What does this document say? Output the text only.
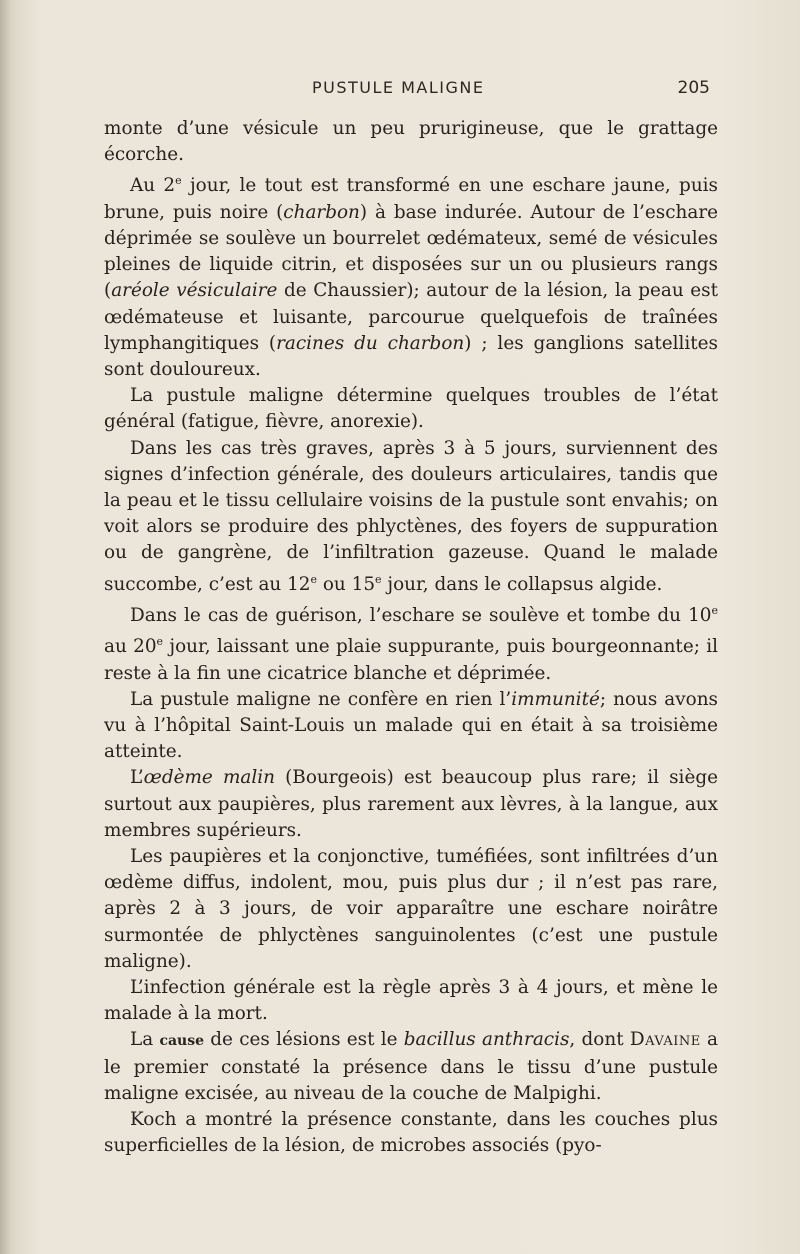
PUSTULE MALIGNE	205

monte d’une vésicule un peu prurigineuse, que le grattage écorche.

Au 2e jour, le tout est transformé en une eschare jaune, puis brune, puis noire (charbon) à base indurée. Autour de l’eschare déprimée se soulève un bourrelet œdémateux, semé de vésicules pleines de liquide citrin, et disposées sur un ou plusieurs rangs (aréole vésiculaire de Chaussier); autour de la lésion, la peau est œdémateuse et luisante, parcourue quelquefois de traînées lymphangitiques (racines du charbon) ; les ganglions satellites sont douloureux.

La pustule maligne détermine quelques troubles de l’état général (fatigue, fièvre, anorexie).

Dans les cas très graves, après 3 à 5 jours, surviennent des signes d’infection générale, des douleurs articulaires, tandis que la peau et le tissu cellulaire voisins de la pustule sont envahis; on voit alors se produire des phlyctènes, des foyers de suppuration ou de gangrène, de l’infiltration gazeuse. Quand le malade succombe, c’est au 12e ou 15e jour, dans le collapsus algide.

Dans le cas de guérison, l’eschare se soulève et tombe du 10e au 20e jour, laissant une plaie suppurante, puis bourgeonnante; il reste à la fin une cicatrice blanche et déprimée.

La pustule maligne ne confère en rien l’immunité; nous avons vu à l’hôpital Saint-Louis un malade qui en était à sa troisième atteinte.

L’œdème malin (Bourgeois) est beaucoup plus rare; il siège surtout aux paupières, plus rarement aux lèvres, à la langue, aux membres supérieurs.

Les paupières et la conjonctive, tuméfiées, sont infiltrées d’un œdème diffus, indolent, mou, puis plus dur ; il n’est pas rare, après 2 à 3 jours, de voir apparaître une eschare noirâtre surmontée de phlyctènes sanguinolentes (c’est une pustule maligne).

L’infection générale est la règle après 3 à 4 jours, et mène le malade à la mort.

La cause de ces lésions est le bacillus anthracis, dont Davaine a le premier constaté la présence dans le tissu d’une pustule maligne excisée, au niveau de la couche de Malpighi.

Koch a montré la présence constante, dans les couches plus superficielles de la lésion, de microbes associés (pyo-
